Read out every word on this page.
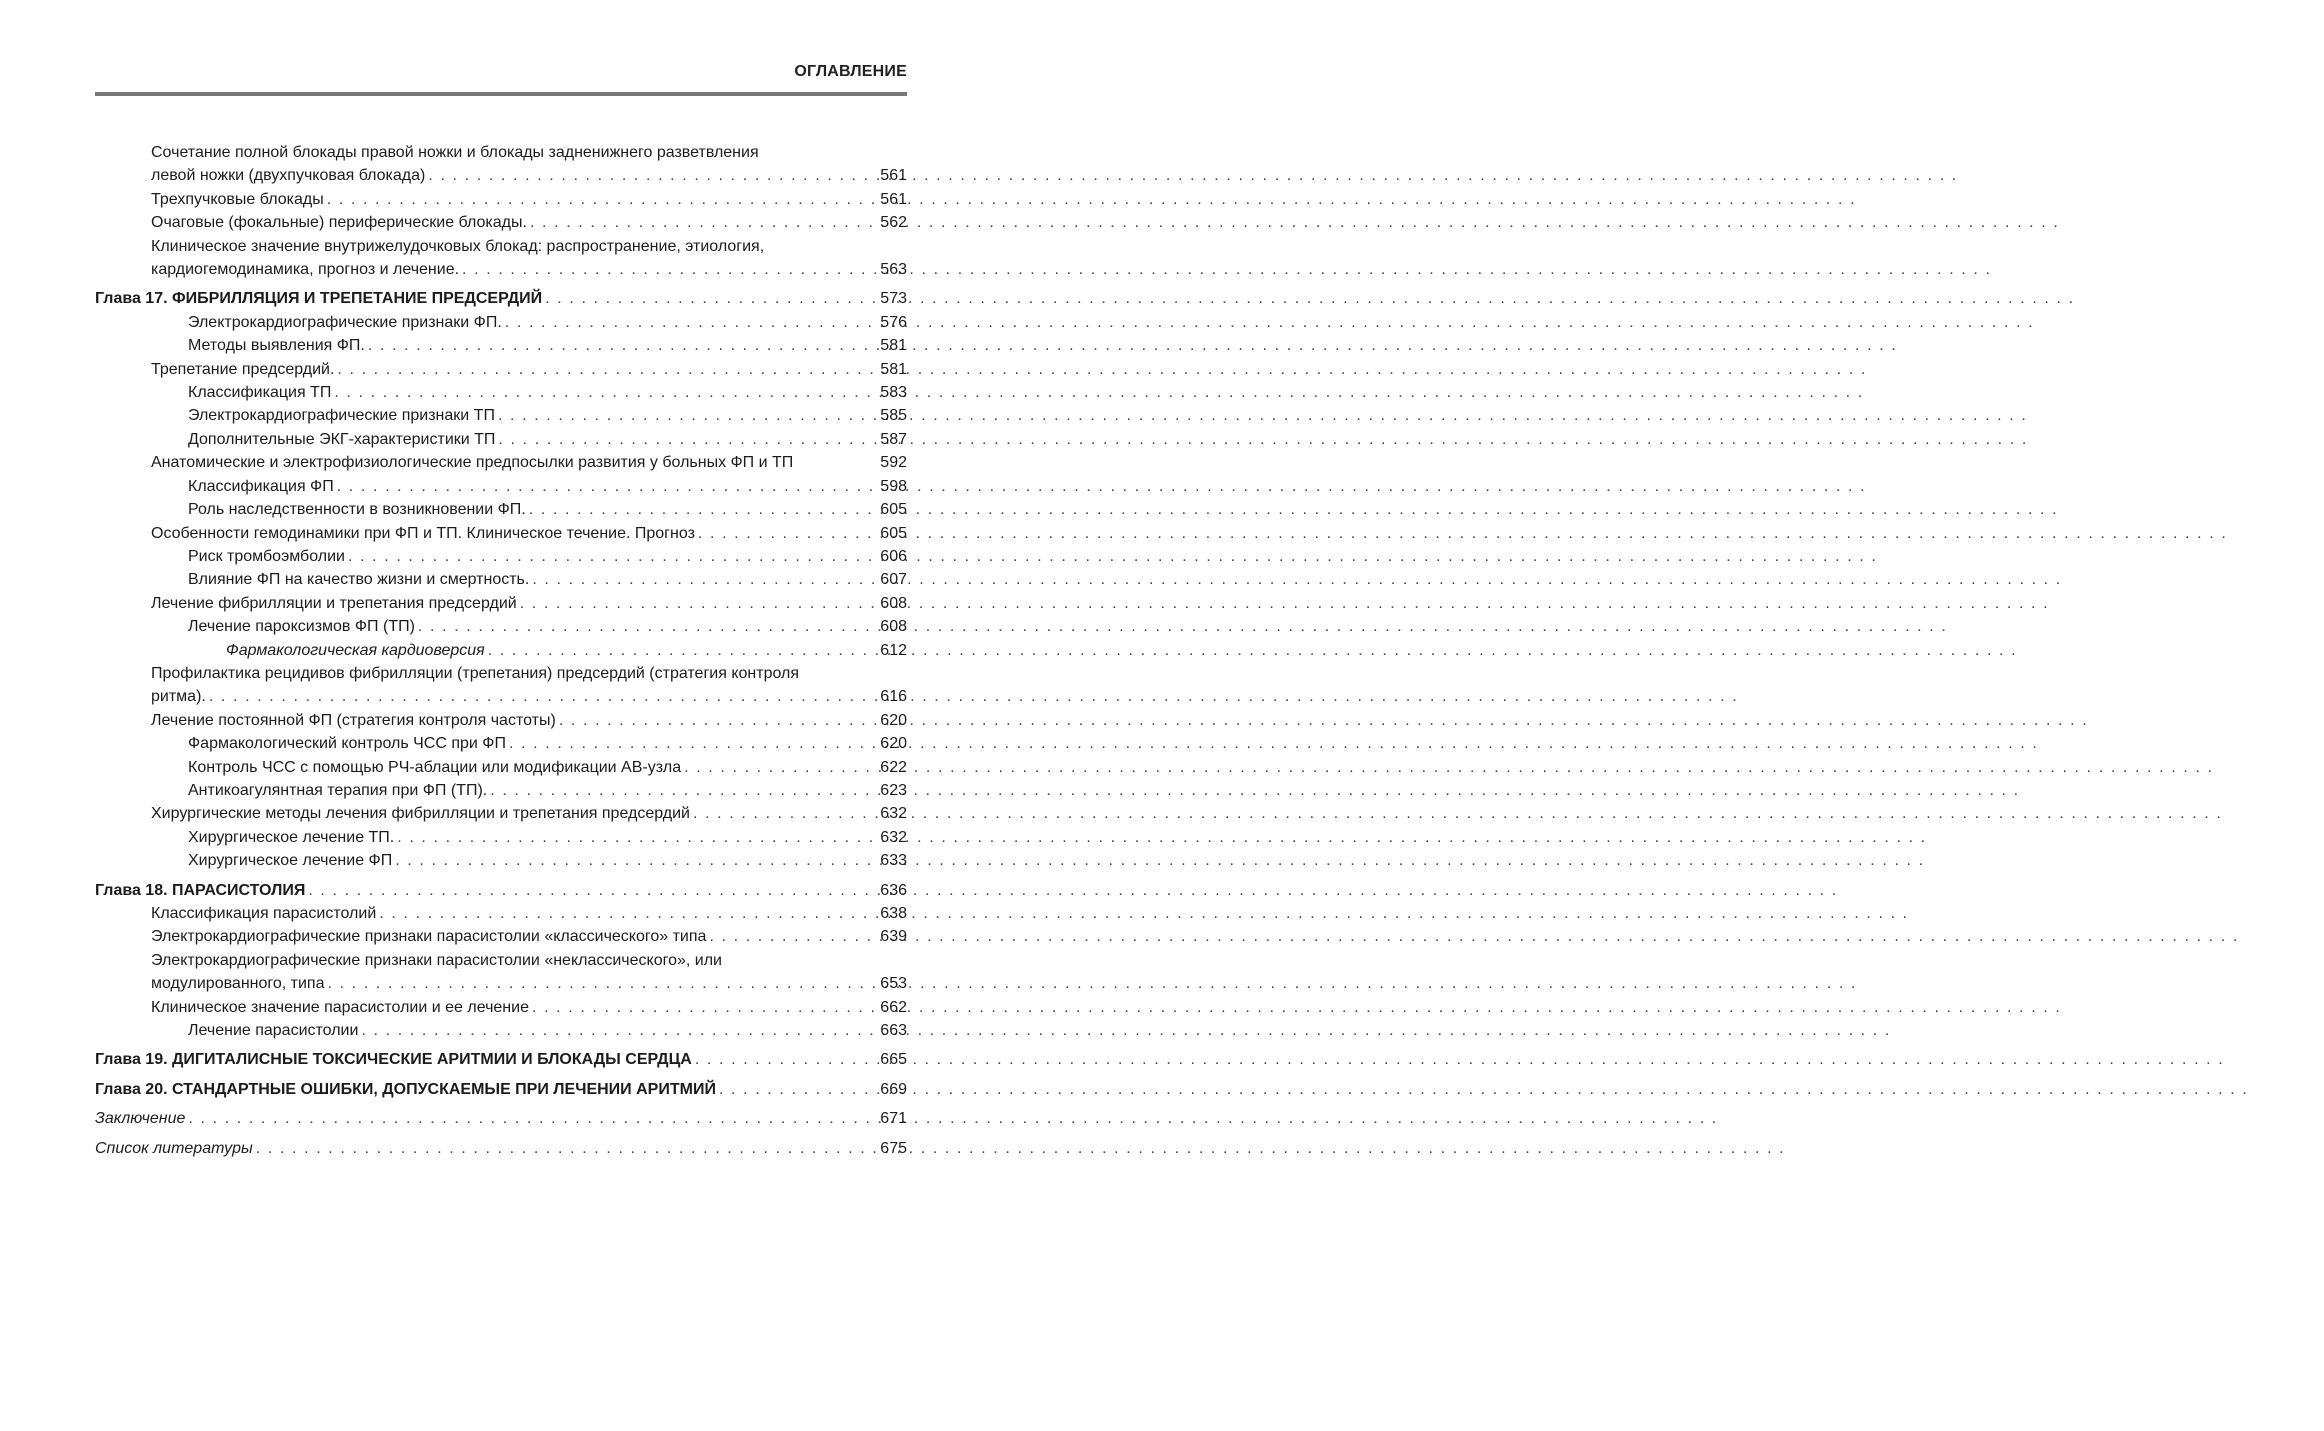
ОГЛАВЛЕНИЕ
Сочетание полной блокады правой ножки и блокады задненижнего разветвления
левой ножки (двухпучковая блокада) . . .	561
Трехпучковые блокады . . .	561
Очаговые (фокальные) периферические блокады. . . .	562
Клиническое значение внутрижелудочковых блокад: распространение, этиология,
кардиогемодинамика, прогноз и лечение. . . .	563
Глава 17. ФИБРИЛЛЯЦИЯ И ТРЕПЕТАНИЕ ПРЕДСЕРДИЙ . . .	573
Электрокардиографические признаки ФП. . . .	576
Методы выявления ФП. . . .	581
Трепетание предсердий. . . .	581
Классификация ТП . . .	583
Электрокардиографические признаки ТП . . .	585
Дополнительные ЭКГ-характеристики ТП . . .	587
Анатомические и электрофизиологические предпосылки развития у больных ФП и ТП	592
Классификация ФП . . .	598
Роль наследственности в возникновении ФП. . . .	605
Особенности гемодинамики при ФП и ТП. Клиническое течение. Прогноз . . .	605
Риск тромбоэмболии . . .	606
Влияние ФП на качество жизни и смертность. . . .	607
Лечение фибрилляции и трепетания предсердий . . .	608
Лечение пароксизмов ФП (ТП) . . .	608
Фармакологическая кардиоверсия . . .	612
Профилактика рецидивов фибрилляции (трепетания) предсердий (стратегия контроля
ритма). . . .	616
Лечение постоянной ФП (стратегия контроля частоты) . . .	620
Фармакологический контроль ЧСС при ФП . . .	620
Контроль ЧСС с помощью РЧ-аблации или модификации АВ-узла . . .	622
Антикоагулянтная терапия при ФП (ТП). . . .	623
Хирургические методы лечения фибрилляции и трепетания предсердий . . .	632
Хирургическое лечение ТП. . . .	632
Хирургическое лечение ФП . . .	633
Глава 18. ПАРАСИСТОЛИЯ . . .	636
Классификация парасистолий . . .	638
Электрокардиографические признаки парасистолии «классического» типа . . .	639
Электрокардиографические признаки парасистолии «неклассического», или
модулированного, типа . . .	653
Клиническое значение парасистолии и ее лечение . . .	662
Лечение парасистолии . . .	663
Глава 19. ДИГИТАЛИСНЫЕ ТОКСИЧЕСКИЕ АРИТМИИ И БЛОКАДЫ СЕРДЦА . . .	665
Глава 20. СТАНДАРТНЫЕ ОШИБКИ, ДОПУСКАЕМЫЕ ПРИ ЛЕЧЕНИИ АРИТМИЙ . . .	669
Заключение . . .	671
Список литературы . . .	675
